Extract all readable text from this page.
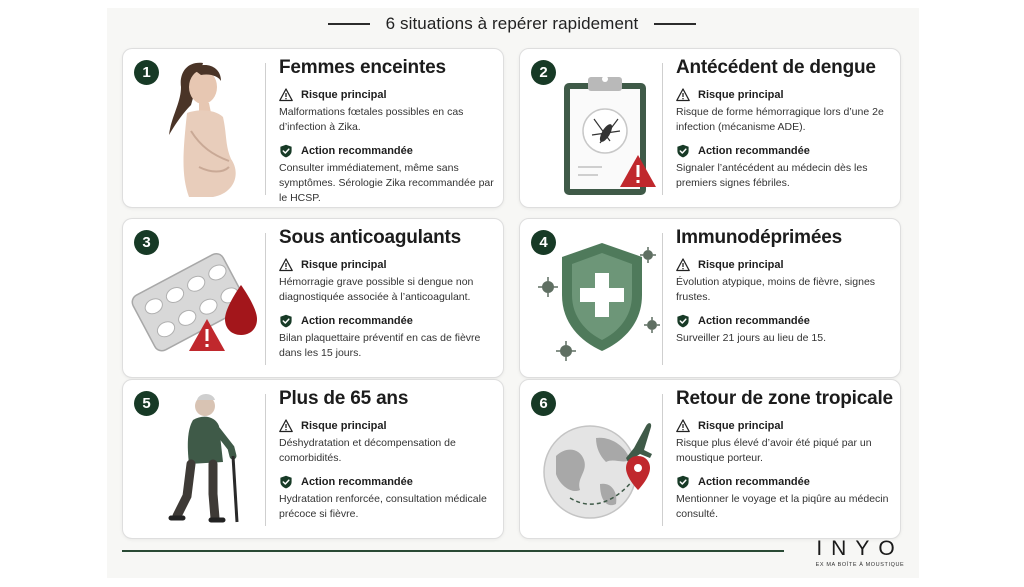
6 situations à repérer rapidement
1	Femmes enceintes
Risque principal
Malformations fœtales possibles en cas d’infection à Zika.
Action recommandée
Consulter immédiatement, même sans symptômes. Sérologie Zika recommandée par le HCSP.
2	Antécédent de dengue
Risque principal
Risque de forme hémorragique lors d’une 2e infection (mécanisme ADE).
Action recommandée
Signaler l’antécédent au médecin dès les premiers signes fébriles.
3	Sous anticoagulants
Risque principal
Hémorragie grave possible si dengue non diagnostiquée associée à l’anticoagulant.
Action recommandée
Bilan plaquettaire préventif en cas de fièvre dans les 15 jours.
4	Immunodéprimées
Risque principal
Évolution atypique, moins de fièvre, signes frustes.
Action recommandée
Surveiller 21 jours au lieu de 15.
5	Plus de 65 ans
Risque principal
Déshydratation et décompensation de comorbidités.
Action recommandée
Hydratation renforcée, consultation médicale précoce si fièvre.
6	Retour de zone tropicale
Risque principal
Risque plus élevé d’avoir été piqué par un moustique porteur.
Action recommandée
Mentionner le voyage et la piqûre au médecin consulté.
INYO
EX MA BOÎTE À MOUSTIQUE
